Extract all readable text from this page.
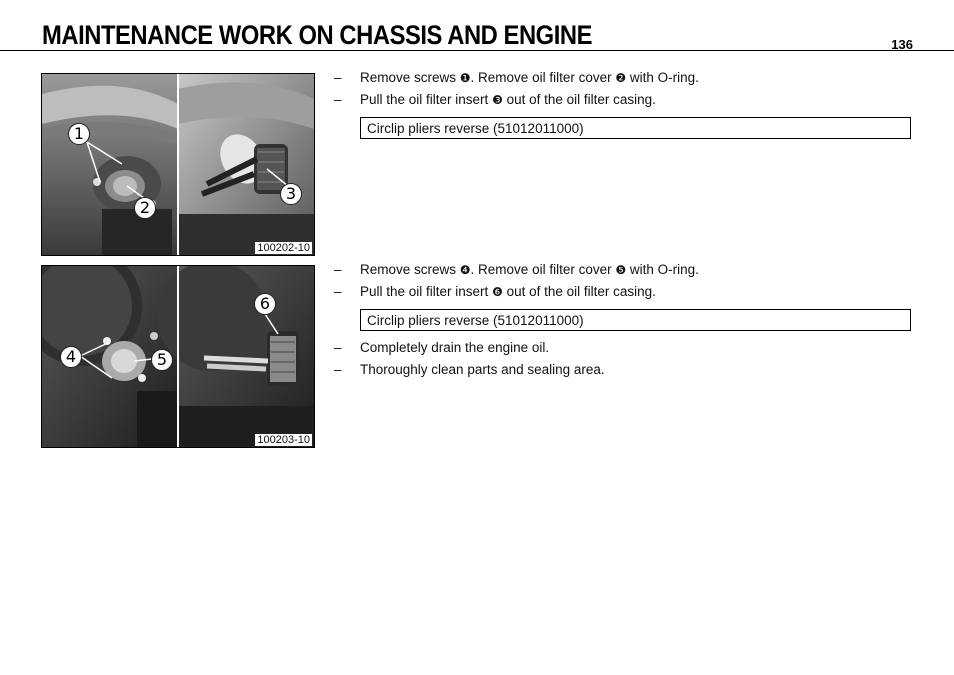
MAINTENANCE WORK ON CHASSIS AND ENGINE	136
1
2
3
100202-10
– Remove screws ❶. Remove oil filter cover ❷ with O-ring.
– Pull the oil filter insert ❸ out of the oil filter casing.
Circlip pliers reverse (51012011000)
4	5
6
100203-10
– Remove screws ❹. Remove oil filter cover ❺ with O-ring.
– Pull the oil filter insert ❻ out of the oil filter casing.
Circlip pliers reverse (51012011000)
– Completely drain the engine oil.
– Thoroughly clean parts and sealing area.
